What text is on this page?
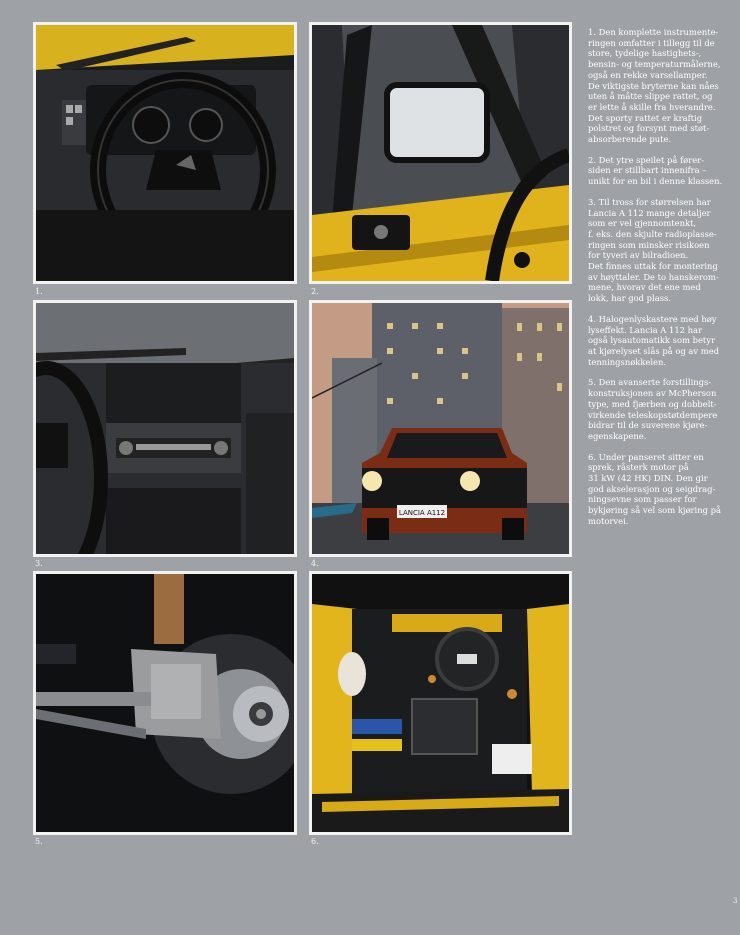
1.	2.
3.
LANCIA A112
4.
5.	6.

1. Den komplette instrumente-
ringen omfatter i tillegg til de
store, tydelige hastighets-,
bensin- og temperaturmålerne,
også en rekke varsellamper.
De viktigste bryterne kan nåes
uten å måtte slippe rattet, og
er lette å skille fra hverandre.
Det sporty rattet er kraftig
polstret og forsynt med støt-
absorberende pute.

2. Det ytre speilet på fører-
siden er stillbart innenifra –
unikt for en bil i denne klassen.

3. Til tross for størrelsen har
Lancia A 112 mange detaljer
som er vel gjennomtenkt,
f. eks. den skjulte radioplasse-
ringen som minsker risikoen
for tyveri av bilradioen.
Det finnes uttak for montering
av høyttaler. De to hanskerom-
mene, hvorav det ene med
lokk, har god plass.

4. Halogenlyskastere med høy
lyseffekt. Lancia A 112 har
også lysautomatikk som betyr
at kjørelyset slås på og av med
tenningsnøkkelen.

5. Den avanserte forstillings-
konstruksjonen av McPherson
type, med fjærben og dobbelt-
virkende teleskopstøtdempere
bidrar til de suverene kjøre-
egenskapene.

6. Under panseret sitter en
sprek, råsterk motor på
31 kW (42 HK) DIN. Den gir
god akselerasjon og seigdrag-
ningsevne som passer for
bykjøring så vel som kjøring på
motorvei.

3
